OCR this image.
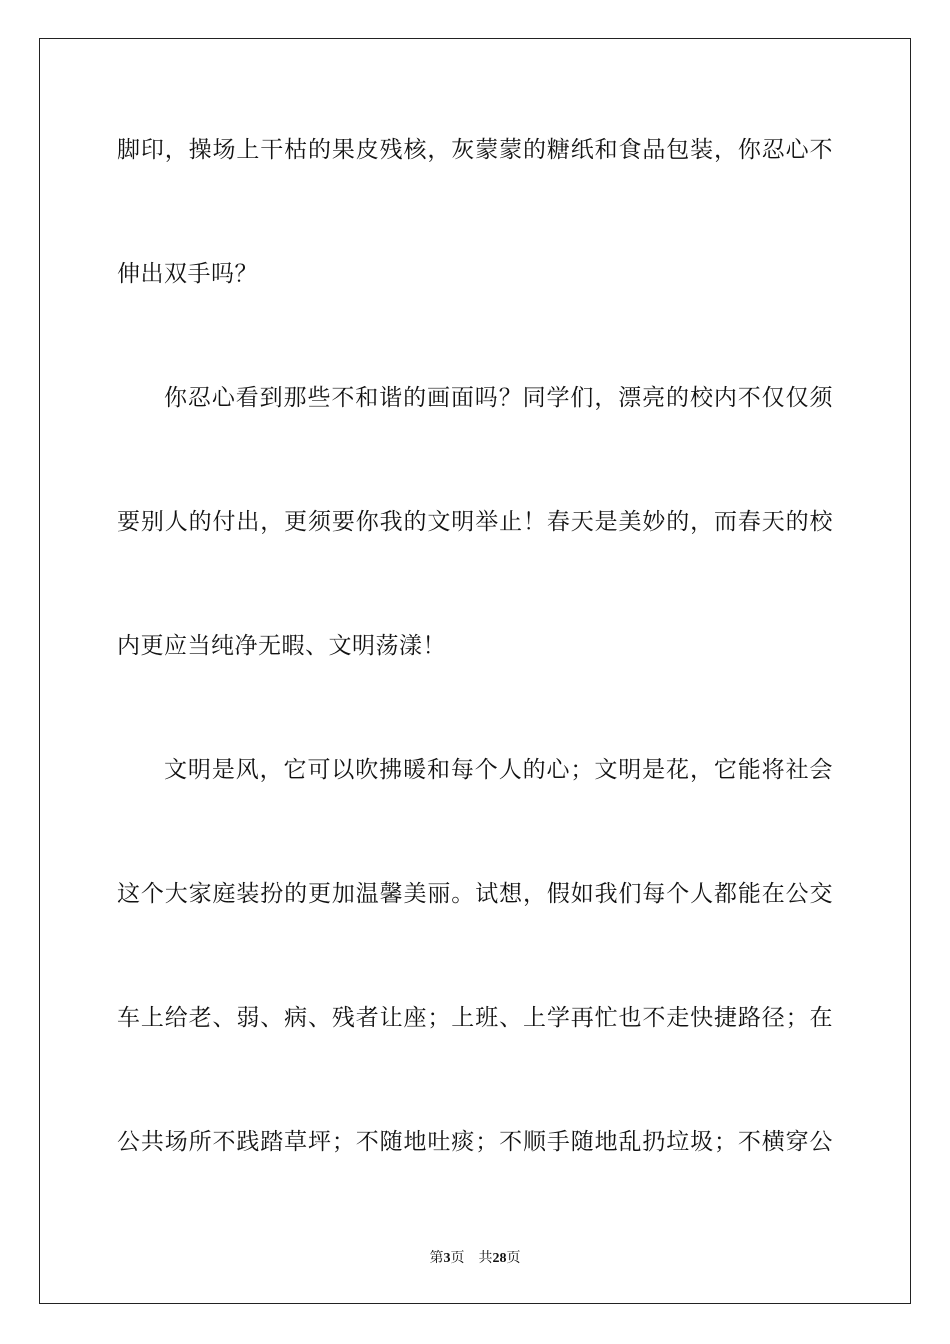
脚印，操场上干枯的果皮残核，灰蒙蒙的糖纸和食品包装，你忍心不
伸出双手吗？
你忍心看到那些不和谐的画面吗？同学们，漂亮的校内不仅仅须
要别人的付出，更须要你我的文明举止！春天是美妙的，而春天的校
内更应当纯净无暇、文明荡漾！
文明是风，它可以吹拂暖和每个人的心；文明是花，它能将社会
这个大家庭装扮的更加温馨美丽。试想，假如我们每个人都能在公交
车上给老、弱、病、残者让座；上班、上学再忙也不走快捷路径；在
公共场所不践踏草坪；不随地吐痰；不顺手随地乱扔垃圾；不横穿公
第3页 共28页
